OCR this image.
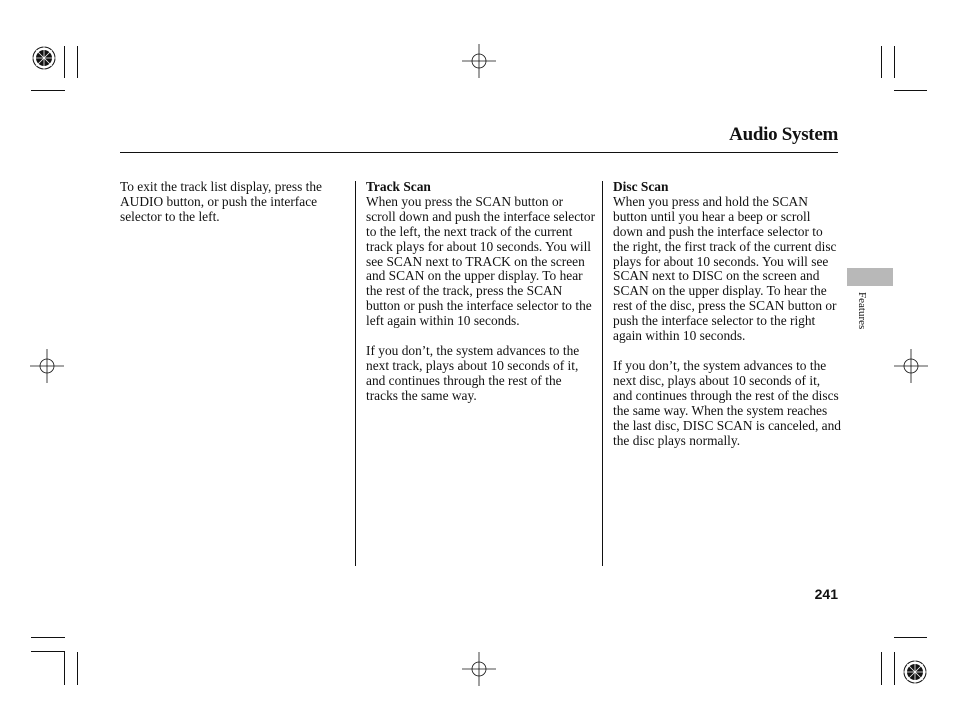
Audio System

To exit the track list display, press the AUDIO button, or push the interface selector to the left.

Track Scan

When you press the SCAN button or scroll down and push the interface selector to the left, the next track of the current track plays for about 10 seconds. You will see SCAN next to TRACK on the screen and SCAN on the upper display. To hear the rest of the track, press the SCAN button or push the interface selector to the left again within 10 seconds.

If you don’t, the system advances to the next track, plays about 10 seconds of it, and continues through the rest of the tracks the same way.

Disc Scan

When you press and hold the SCAN button until you hear a beep or scroll down and push the interface selector to the right, the first track of the current disc plays for about 10 seconds. You will see SCAN next to DISC on the screen and SCAN on the upper display. To hear the rest of the disc, press the SCAN button or push the interface selector to the right again within 10 seconds.

If you don’t, the system advances to the next disc, plays about 10 seconds of it, and continues through the rest of the discs the same way. When the system reaches the last disc, DISC SCAN is canceled, and the disc plays normally.

Features
241
